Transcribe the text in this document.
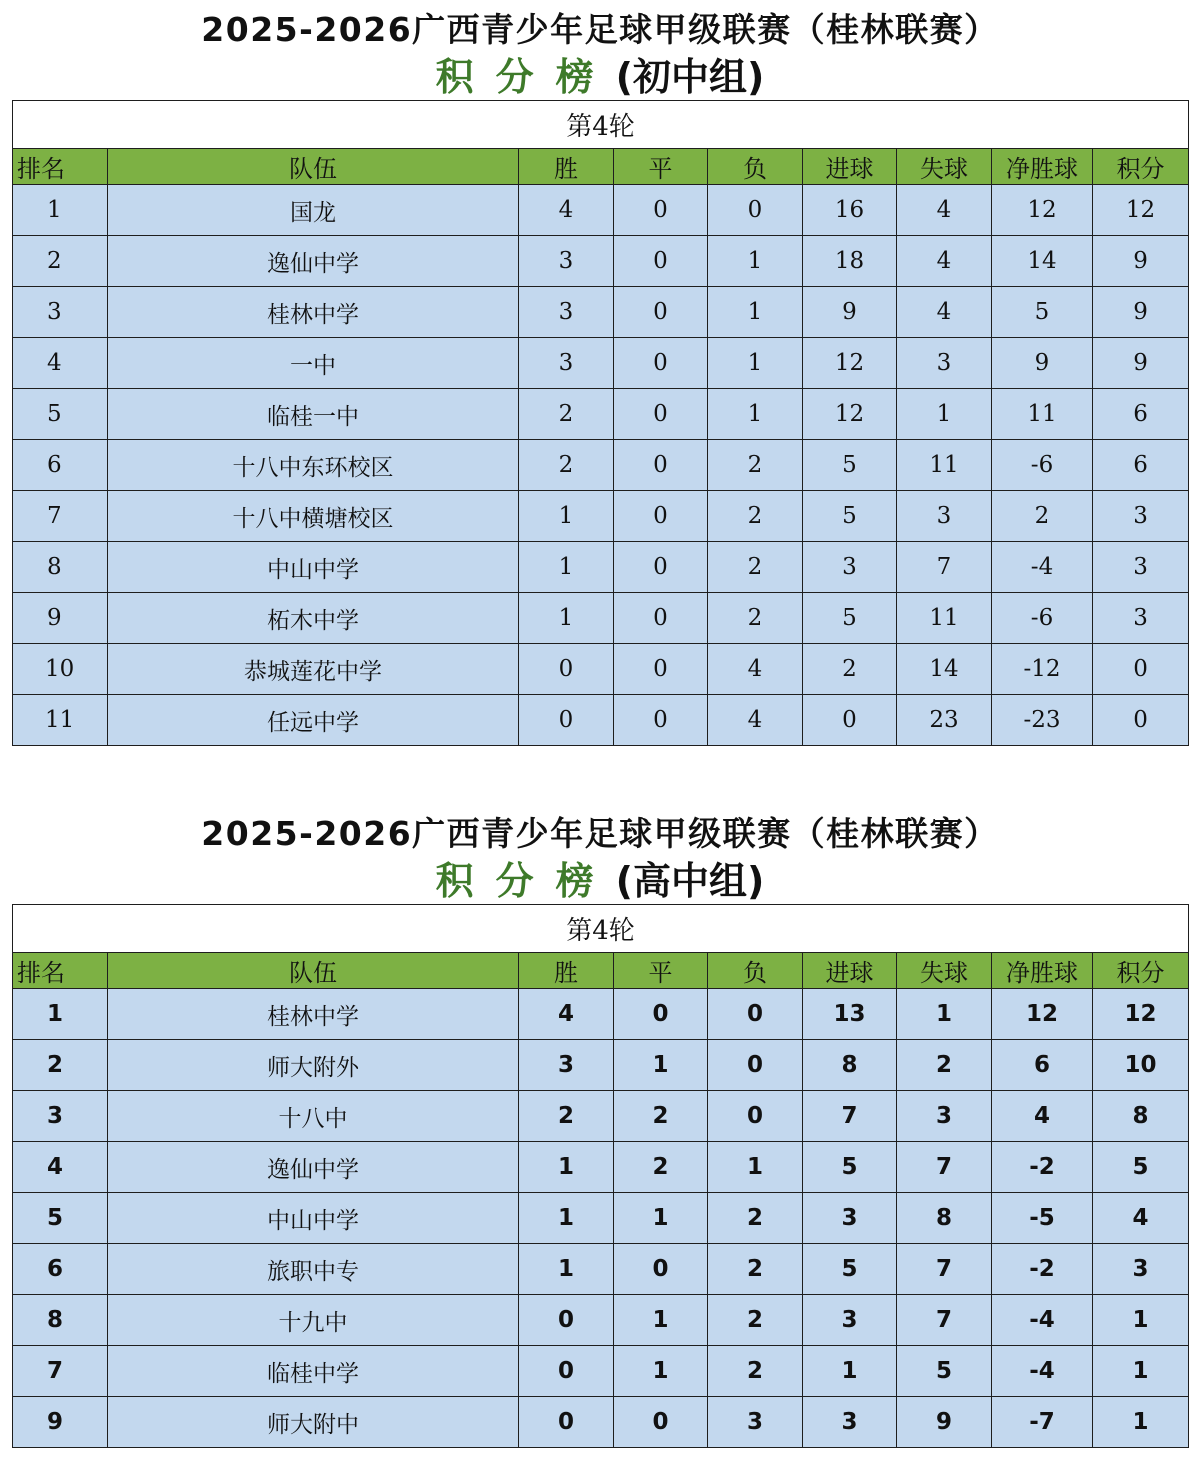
2025-2026广西青少年足球甲级联赛（桂林联赛）
积分榜(初中组)
第4轮								
排名	队伍	胜	平	负	进球	失球	净胜球	积分
1	国龙	4	0	0	16	4	12	12
2	逸仙中学	3	0	1	18	4	14	9
3	桂林中学	3	0	1	9	4	5	9
4	一中	3	0	1	12	3	9	9
5	临桂一中	2	0	1	12	1	11	6
6	十八中东环校区	2	0	2	5	11	-6	6
7	十八中横塘校区	1	0	2	5	3	2	3
8	中山中学	1	0	2	3	7	-4	3
9	柘木中学	1	0	2	5	11	-6	3
10	恭城莲花中学	0	0	4	2	14	-12	0
11	任远中学	0	0	4	0	23	-23	0
2025-2026广西青少年足球甲级联赛（桂林联赛）
积分榜(高中组)
第4轮								
排名	队伍	胜	平	负	进球	失球	净胜球	积分
1	桂林中学	4	0	0	13	1	12	12
2	师大附外	3	1	0	8	2	6	10
3	十八中	2	2	0	7	3	4	8
4	逸仙中学	1	2	1	5	7	-2	5
5	中山中学	1	1	2	3	8	-5	4
6	旅职中专	1	0	2	5	7	-2	3
8	十九中	0	1	2	3	7	-4	1
7	临桂中学	0	1	2	1	5	-4	1
9	师大附中	0	0	3	3	9	-7	1
